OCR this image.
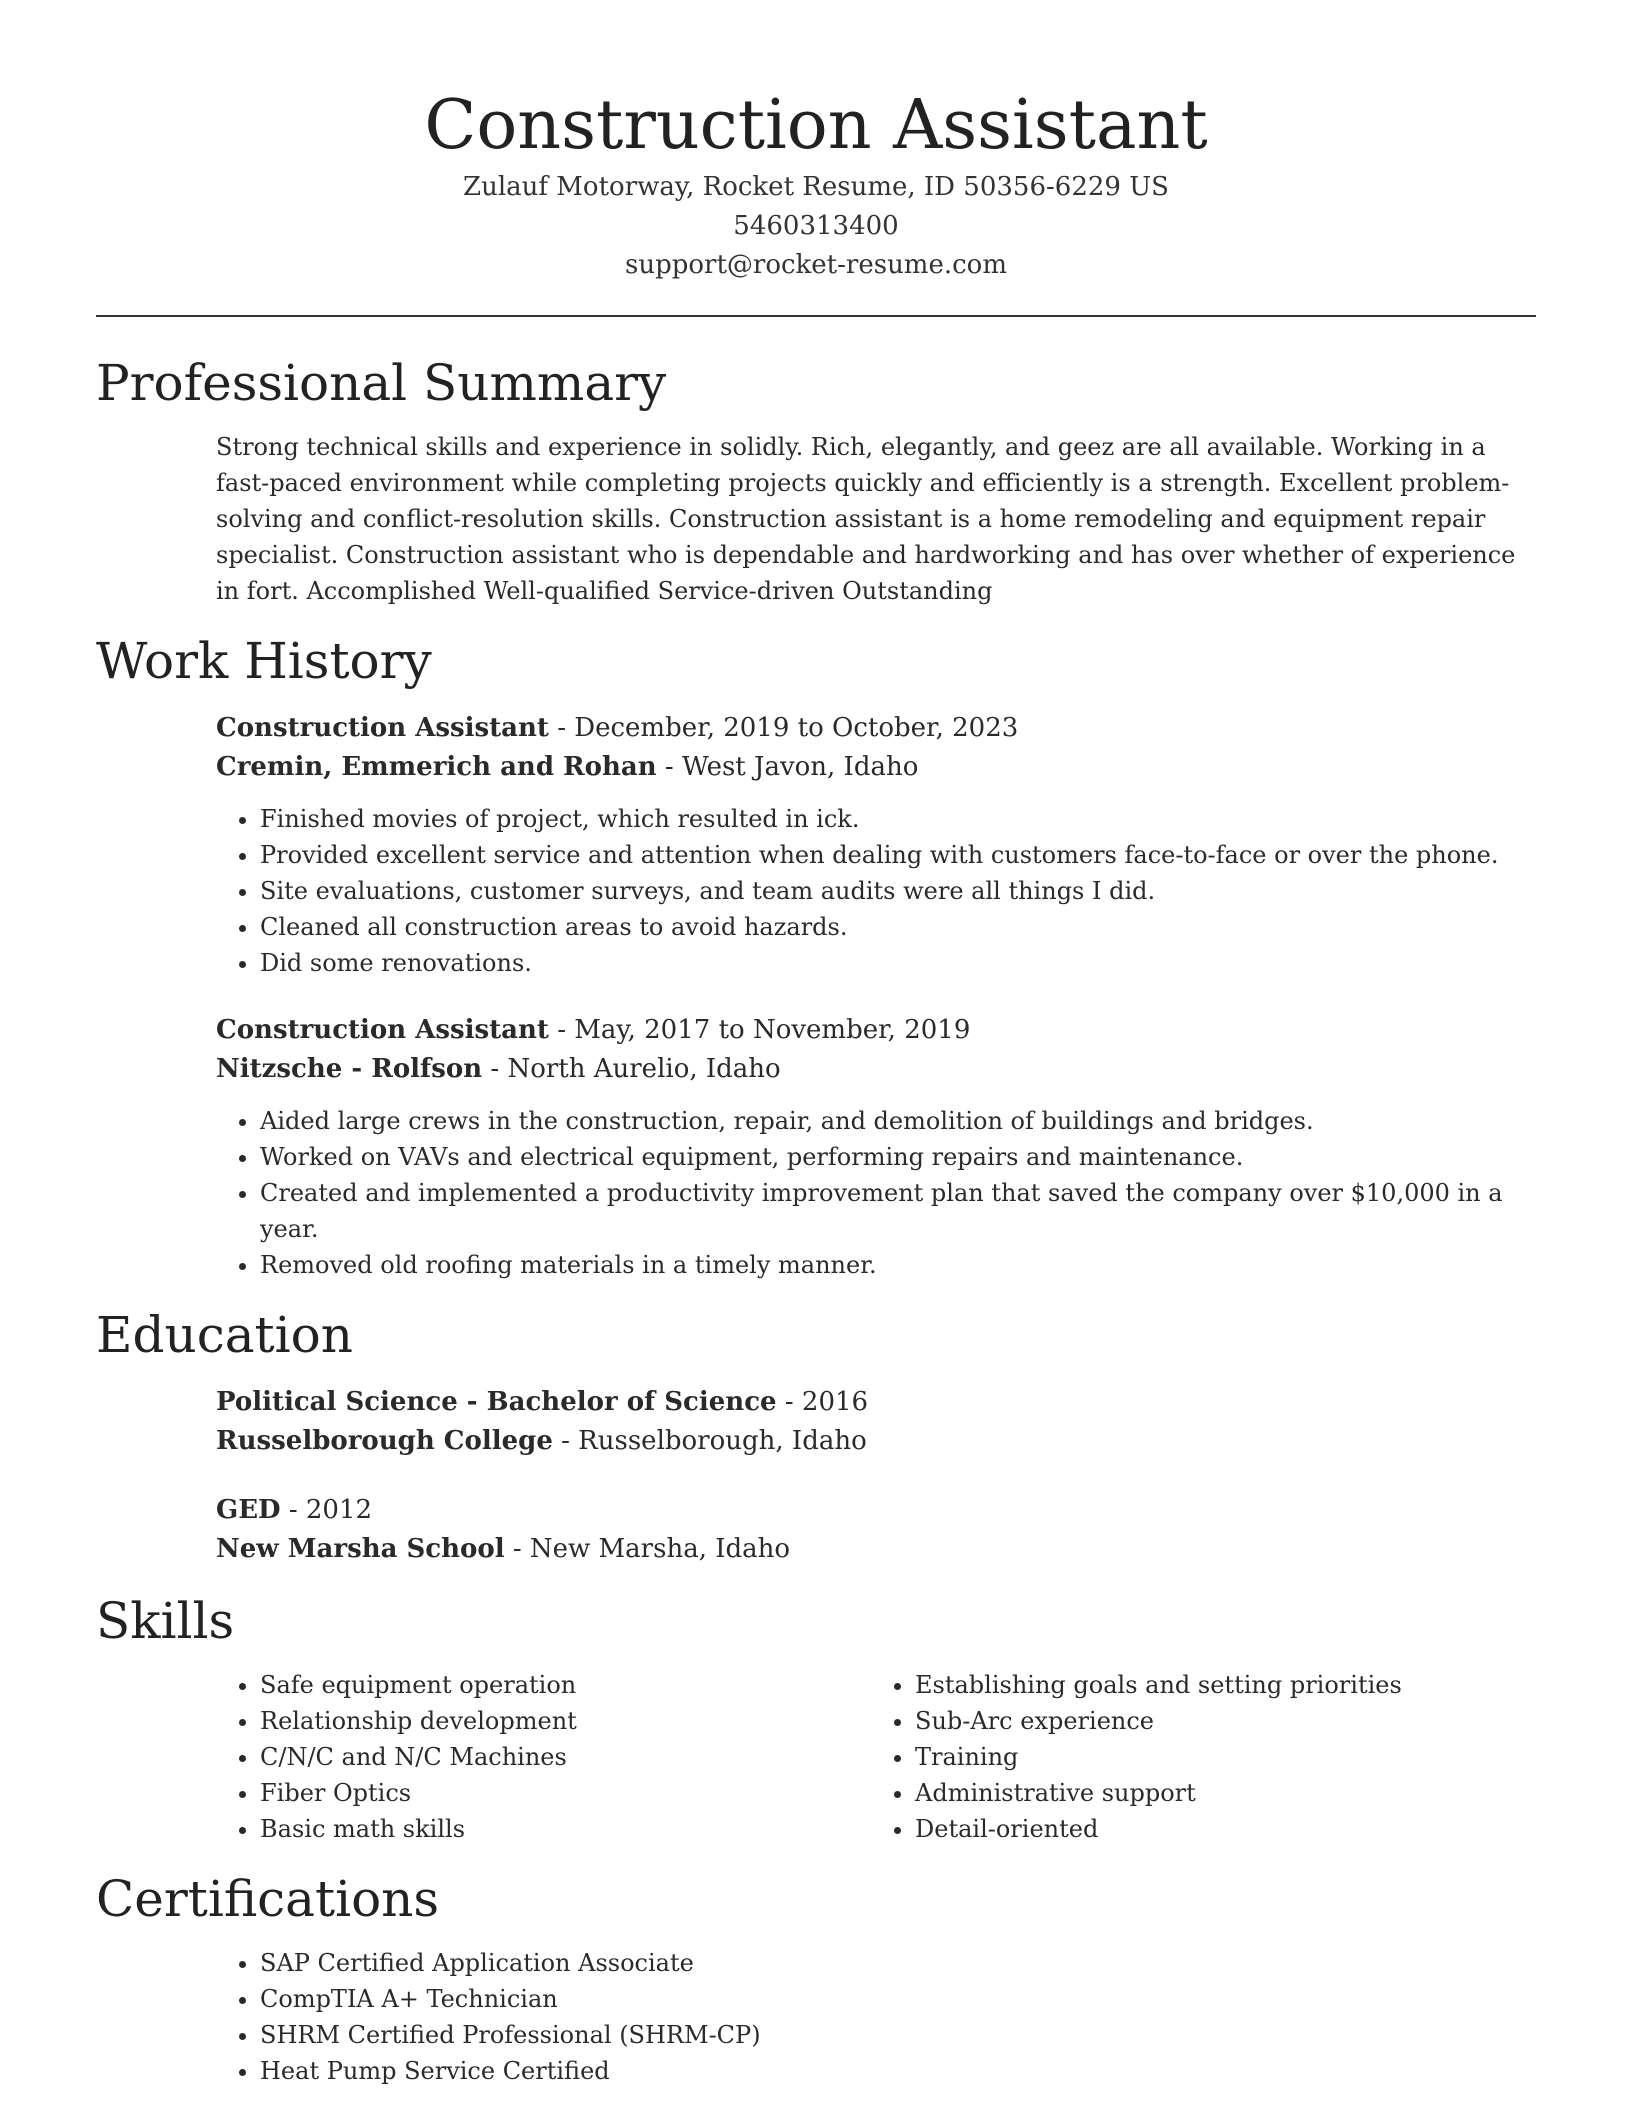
Construction Assistant
Zulauf Motorway, Rocket Resume, ID 50356-6229 US
5460313400
support@rocket-resume.com
Professional Summary

Strong technical skills and experience in solidly. Rich, elegantly, and geez are all available. Working in a fast-paced environment while completing projects quickly and efficiently is a strength. Excellent problem-solving and conflict-resolution skills. Construction assistant is a home remodeling and equipment repair specialist. Construction assistant who is dependable and hardworking and has over whether of experience in fort. Accomplished Well-qualified Service-driven Outstanding

Work History
Construction Assistant - December, 2019 to October, 2023
Cremin, Emmerich and Rohan - West Javon, Idaho
• Finished movies of project, which resulted in ick.
• Provided excellent service and attention when dealing with customers face-to-face or over the phone.
• Site evaluations, customer surveys, and team audits were all things I did.
• Cleaned all construction areas to avoid hazards.
• Did some renovations.
Construction Assistant - May, 2017 to November, 2019
Nitzsche - Rolfson - North Aurelio, Idaho
• Aided large crews in the construction, repair, and demolition of buildings and bridges.
• Worked on VAVs and electrical equipment, performing repairs and maintenance.
• Created and implemented a productivity improvement plan that saved the company over $10,000 in a year.
• Removed old roofing materials in a timely manner.
Education
Political Science - Bachelor of Science - 2016
Russelborough College - Russelborough, Idaho
GED - 2012
New Marsha School - New Marsha, Idaho
Skills
• Safe equipment operation
• Relationship development
• C/N/C and N/C Machines
• Fiber Optics
• Basic math skills
• Establishing goals and setting priorities
• Sub-Arc experience
• Training
• Administrative support
• Detail-oriented
Certifications
• SAP Certified Application Associate
• CompTIA A+ Technician
• SHRM Certified Professional (SHRM-CP)
• Heat Pump Service Certified
